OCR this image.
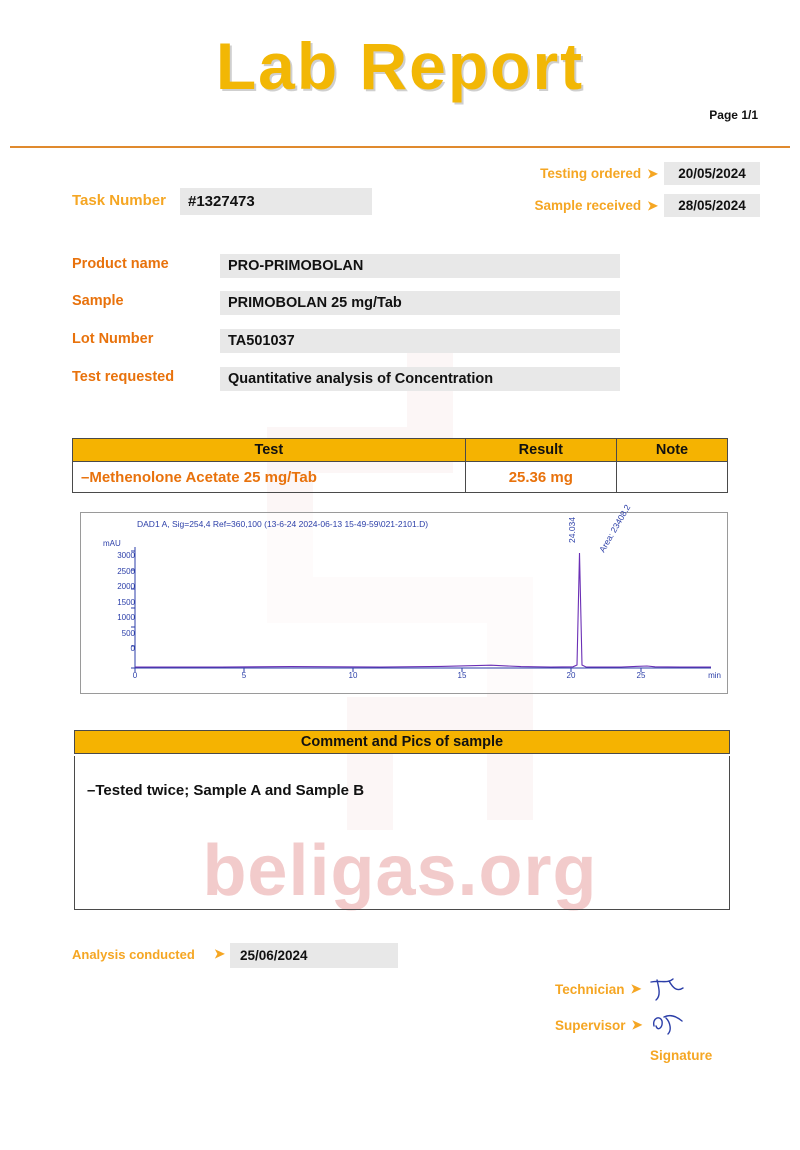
beligas.org
Lab Report
Page 1/1
Testing ordered ➤	20/05/2024
Sample received ➤	28/05/2024
Task Number	#1327473
Product name	PRO-PRIMOBOLAN
Sample	PRIMOBOLAN 25 mg/Tab
Lot Number	TA501037
Test requested	Quantitative analysis of Concentration
Test	Result	Note
–Methenolone Acetate 25 mg/Tab	25.36 mg	
DAD1 A, Sig=254,4 Ref=360,100 (13-6-24 2024-06-13 15-49-59\021-2101.D)
mAU
3000
2500
2000
1500
1000
500
0
24.034 Area: 23408.2
0	5	10	15	20	25	min
Comment and Pics of sample
–Tested twice; Sample A and Sample B
Analysis conducted ➤	25/06/2024
Technician ➤
Supervisor ➤
Signature
